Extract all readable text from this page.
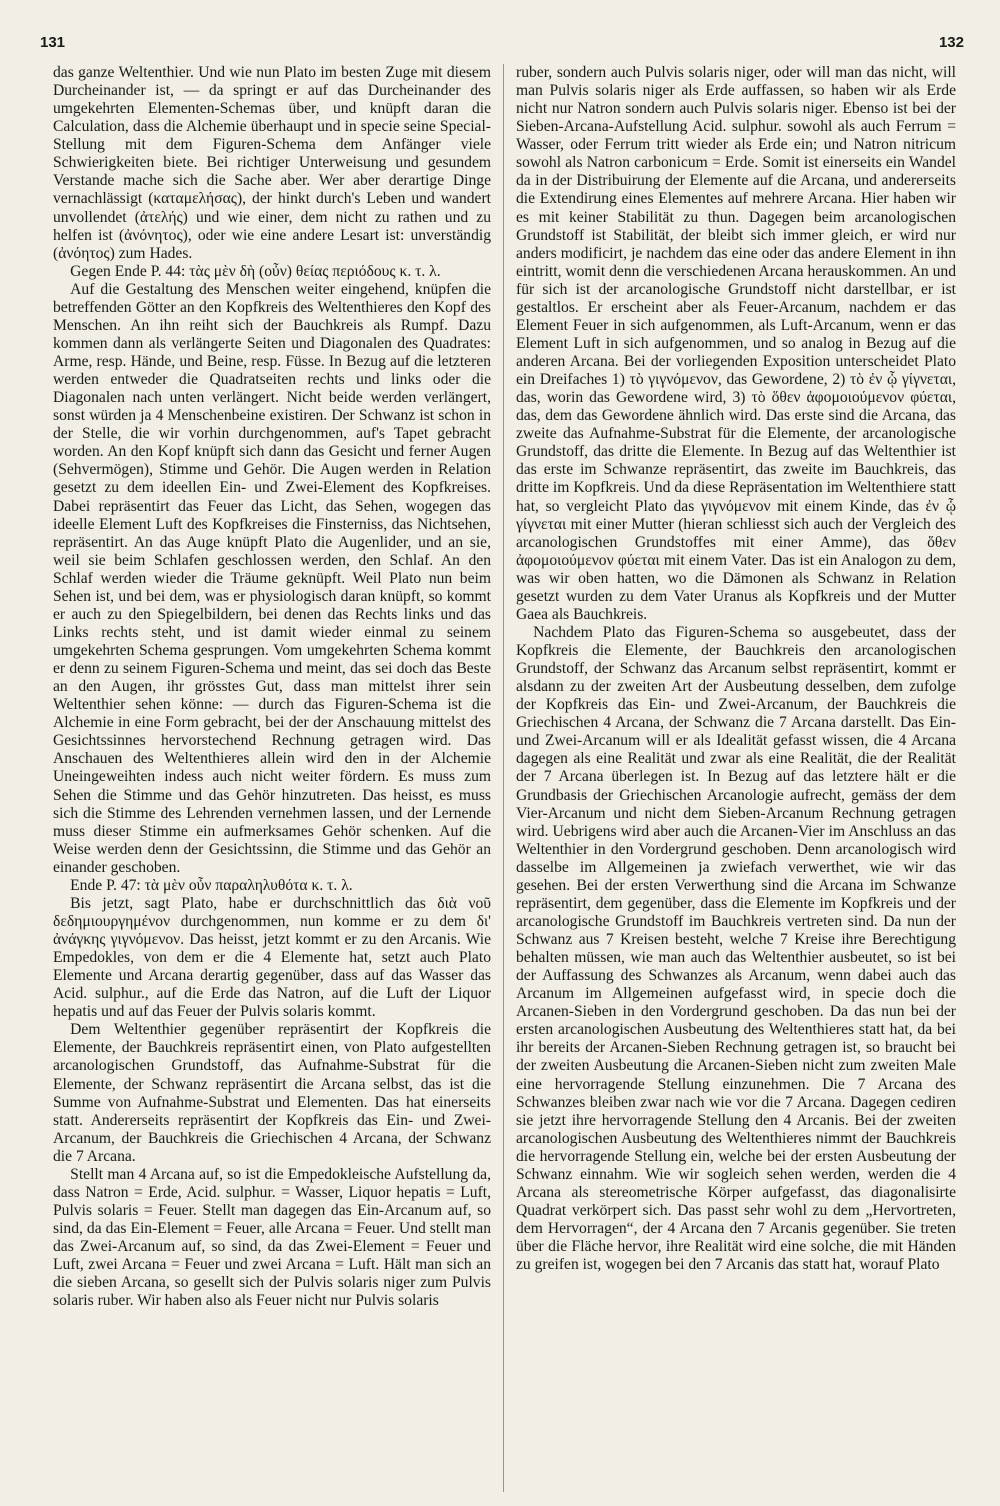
131	132

das ganze Weltenthier. Und wie nun Plato im besten Zuge mit diesem Durcheinander ist, — da springt er auf das Durcheinander des umgekehrten Elementen-Schemas über, und knüpft daran die Calculation, dass die Alchemie überhaupt und in specie seine Special-Stellung mit dem Figuren-Schema dem Anfänger viele Schwierigkeiten biete. Bei richtiger Unterweisung und gesundem Verstande mache sich die Sache aber. Wer aber derartige Dinge vernachlässigt (καταμελήσας), der hinkt durch's Leben und wandert unvollendet (ἀτελής) und wie einer, dem nicht zu rathen und zu helfen ist (ἀνόνητος), oder wie eine andere Lesart ist: unverständig (ἀνόητος) zum Hades.

Gegen Ende P. 44: τὰς μὲν δὴ (οὖν) θείας περιόδους κ. τ. λ.

Auf die Gestaltung des Menschen weiter eingehend, knüpfen die betreffenden Götter an den Kopfkreis des Weltenthieres den Kopf des Menschen. An ihn reiht sich der Bauchkreis als Rumpf. Dazu kommen dann als verlängerte Seiten und Diagonalen des Quadrates: Arme, resp. Hände, und Beine, resp. Füsse. In Bezug auf die letzteren werden entweder die Quadratseiten rechts und links oder die Diagonalen nach unten verlängert. Nicht beide werden verlängert, sonst würden ja 4 Menschenbeine existiren. Der Schwanz ist schon in der Stelle, die wir vorhin durchgenommen, auf's Tapet gebracht worden. An den Kopf knüpft sich dann das Gesicht und ferner Augen (Sehvermögen), Stimme und Gehör. Die Augen werden in Relation gesetzt zu dem ideellen Ein- und Zwei-Element des Kopfkreises. Dabei repräsentirt das Feuer das Licht, das Sehen, wogegen das ideelle Element Luft des Kopfkreises die Finsterniss, das Nichtsehen, repräsentirt. An das Auge knüpft Plato die Augenlider, und an sie, weil sie beim Schlafen geschlossen werden, den Schlaf. An den Schlaf werden wieder die Träume geknüpft. Weil Plato nun beim Sehen ist, und bei dem, was er physiologisch daran knüpft, so kommt er auch zu den Spiegelbildern, bei denen das Rechts links und das Links rechts steht, und ist damit wieder einmal zu seinem umgekehrten Schema gesprungen. Vom umgekehrten Schema kommt er denn zu seinem Figuren-Schema und meint, das sei doch das Beste an den Augen, ihr grösstes Gut, dass man mittelst ihrer sein Weltenthier sehen könne: — durch das Figuren-Schema ist die Alchemie in eine Form gebracht, bei der der Anschauung mittelst des Gesichtssinnes hervorstechend Rechnung getragen wird. Das Anschauen des Weltenthieres allein wird den in der Alchemie Uneingeweihten indess auch nicht weiter fördern. Es muss zum Sehen die Stimme und das Gehör hinzutreten. Das heisst, es muss sich die Stimme des Lehrenden vernehmen lassen, und der Lernende muss dieser Stimme ein aufmerksames Gehör schenken. Auf die Weise werden denn der Gesichtssinn, die Stimme und das Gehör an einander geschoben.

Ende P. 47: τὰ μὲν οὖν παραληλυθότα κ. τ. λ.

Bis jetzt, sagt Plato, habe er durchschnittlich das διὰ νοῦ δεδημιουργημένον durchgenommen, nun komme er zu dem δι' ἀνάγκης γιγνόμενον. Das heisst, jetzt kommt er zu den Arcanis. Wie Empedokles, von dem er die 4 Elemente hat, setzt auch Plato Elemente und Arcana derartig gegenüber, dass auf das Wasser das Acid. sulphur., auf die Erde das Natron, auf die Luft der Liquor hepatis und auf das Feuer der Pulvis solaris kommt.

Dem Weltenthier gegenüber repräsentirt der Kopfkreis die Elemente, der Bauchkreis repräsentirt einen, von Plato aufgestellten arcanologischen Grundstoff, das Aufnahme-Substrat für die Elemente, der Schwanz repräsentirt die Arcana selbst, das ist die Summe von Aufnahme-Substrat und Elementen. Das hat einerseits statt. Andererseits repräsentirt der Kopfkreis das Ein- und Zwei-Arcanum, der Bauchkreis die Griechischen 4 Arcana, der Schwanz die 7 Arcana.

Stellt man 4 Arcana auf, so ist die Empedokleische Aufstellung da, dass Natron = Erde, Acid. sulphur. = Wasser, Liquor hepatis = Luft, Pulvis solaris = Feuer. Stellt man dagegen das Ein-Arcanum auf, so sind, da das Ein-Element = Feuer, alle Arcana = Feuer. Und stellt man das Zwei-Arcanum auf, so sind, da das Zwei-Element = Feuer und Luft, zwei Arcana = Feuer und zwei Arcana = Luft. Hält man sich an die sieben Arcana, so gesellt sich der Pulvis solaris niger zum Pulvis solaris ruber. Wir haben also als Feuer nicht nur Pulvis solaris

ruber, sondern auch Pulvis solaris niger, oder will man das nicht, will man Pulvis solaris niger als Erde auffassen, so haben wir als Erde nicht nur Natron sondern auch Pulvis solaris niger. Ebenso ist bei der Sieben-Arcana-Aufstellung Acid. sulphur. sowohl als auch Ferrum = Wasser, oder Ferrum tritt wieder als Erde ein; und Natron nitricum sowohl als Natron carbonicum = Erde. Somit ist einerseits ein Wandel da in der Distribuirung der Elemente auf die Arcana, und andererseits die Extendirung eines Elementes auf mehrere Arcana. Hier haben wir es mit keiner Stabilität zu thun. Dagegen beim arcanologischen Grundstoff ist Stabilität, der bleibt sich immer gleich, er wird nur anders modificirt, je nachdem das eine oder das andere Element in ihn eintritt, womit denn die verschiedenen Arcana herauskommen. An und für sich ist der arcanologische Grundstoff nicht darstellbar, er ist gestaltlos. Er erscheint aber als Feuer-Arcanum, nachdem er das Element Feuer in sich aufgenommen, als Luft-Arcanum, wenn er das Element Luft in sich aufgenommen, und so analog in Bezug auf die anderen Arcana. Bei der vorliegenden Exposition unterscheidet Plato ein Dreifaches 1) τὸ γιγνόμενον, das Gewordene, 2) τὸ ἐν ᾧ γίγνεται, das, worin das Gewordene wird, 3) τὸ ὅθεν ἀφομοιούμενον φύεται, das, dem das Gewordene ähnlich wird. Das erste sind die Arcana, das zweite das Aufnahme-Substrat für die Elemente, der arcanologische Grundstoff, das dritte die Elemente. In Bezug auf das Weltenthier ist das erste im Schwanze repräsentirt, das zweite im Bauchkreis, das dritte im Kopfkreis. Und da diese Repräsentation im Weltenthiere statt hat, so vergleicht Plato das γιγνόμενον mit einem Kinde, das ἐν ᾧ γίγνεται mit einer Mutter (hieran schliesst sich auch der Vergleich des arcanologischen Grundstoffes mit einer Amme), das ὅθεν ἀφομοιούμενον φύεται mit einem Vater. Das ist ein Analogon zu dem, was wir oben hatten, wo die Dämonen als Schwanz in Relation gesetzt wurden zu dem Vater Uranus als Kopfkreis und der Mutter Gaea als Bauchkreis.

Nachdem Plato das Figuren-Schema so ausgebeutet, dass der Kopfkreis die Elemente, der Bauchkreis den arcanologischen Grundstoff, der Schwanz das Arcanum selbst repräsentirt, kommt er alsdann zu der zweiten Art der Ausbeutung desselben, dem zufolge der Kopfkreis das Ein- und Zwei-Arcanum, der Bauchkreis die Griechischen 4 Arcana, der Schwanz die 7 Arcana darstellt. Das Ein- und Zwei-Arcanum will er als Idealität gefasst wissen, die 4 Arcana dagegen als eine Realität und zwar als eine Realität, die der Realität der 7 Arcana überlegen ist. In Bezug auf das letztere hält er die Grundbasis der Griechischen Arcanologie aufrecht, gemäss der dem Vier-Arcanum und nicht dem Sieben-Arcanum Rechnung getragen wird. Uebrigens wird aber auch die Arcanen-Vier im Anschluss an das Weltenthier in den Vordergrund geschoben. Denn arcanologisch wird dasselbe im Allgemeinen ja zwiefach verwerthet, wie wir das gesehen. Bei der ersten Verwerthung sind die Arcana im Schwanze repräsentirt, dem gegenüber, dass die Elemente im Kopfkreis und der arcanologische Grundstoff im Bauchkreis vertreten sind. Da nun der Schwanz aus 7 Kreisen besteht, welche 7 Kreise ihre Berechtigung behalten müssen, wie man auch das Weltenthier ausbeutet, so ist bei der Auffassung des Schwanzes als Arcanum, wenn dabei auch das Arcanum im Allgemeinen aufgefasst wird, in specie doch die Arcanen-Sieben in den Vordergrund geschoben. Da das nun bei der ersten arcanologischen Ausbeutung des Weltenthieres statt hat, da bei ihr bereits der Arcanen-Sieben Rechnung getragen ist, so braucht bei der zweiten Ausbeutung die Arcanen-Sieben nicht zum zweiten Male eine hervorragende Stellung einzunehmen. Die 7 Arcana des Schwanzes bleiben zwar nach wie vor die 7 Arcana. Dagegen cediren sie jetzt ihre hervorragende Stellung den 4 Arcanis. Bei der zweiten arcanologischen Ausbeutung des Weltenthieres nimmt der Bauchkreis die hervorragende Stellung ein, welche bei der ersten Ausbeutung der Schwanz einnahm. Wie wir sogleich sehen werden, werden die 4 Arcana als stereometrische Körper aufgefasst, das diagonalisirte Quadrat verkörpert sich. Das passt sehr wohl zu dem „Hervortreten, dem Hervorragen“, der 4 Arcana den 7 Arcanis gegenüber. Sie treten über die Fläche hervor, ihre Realität wird eine solche, die mit Händen zu greifen ist, wogegen bei den 7 Arcanis das statt hat, worauf Plato
